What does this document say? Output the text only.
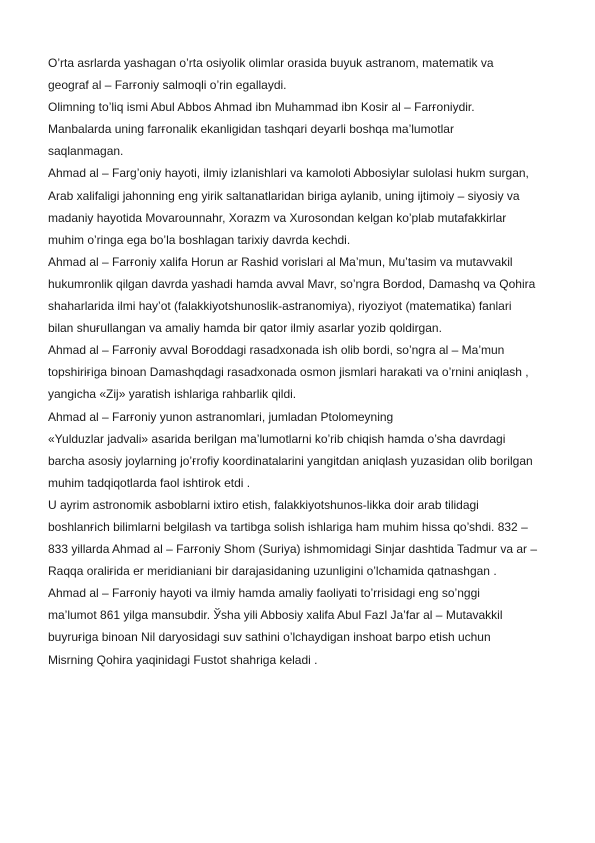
O’rta asrlarda yashagan o’rta osiyolik olimlar orasida buyuk astranom, matematik va
geograf al – Farғoniy salmoqli o’rin egallaydi.
Olimning to’liq ismi Abul Abbos Ahmad ibn Muhammad ibn Kosir al – Farғoniydir.
Manbalarda uning farғonalik ekanligidan tashqari deyarli boshqa ma’lumotlar
saqlanmagan.
Ahmad al – Farg’oniy hayoti, ilmiy izlanishlari va kamoloti Abbosiylar sulolasi hukm surgan,
Arab xalifaligi jahonning eng yirik saltanatlaridan biriga aylanib, uning ijtimoiy – siyosiy va
madaniy hayotida Movarounnahr, Xorazm va Xurosondan kelgan ko’plab mutafakkirlar
muhim o’ringa ega bo’la boshlagan tarixiy davrda kechdi.
Ahmad al – Farғoniy xalifa Horun ar Rashid vorislari al Ma’mun, Mu’tasim va mutavvakil
hukumronlik qilgan davrda yashadi hamda avval Mavr, so’ngra Boғdod, Damashq va Qohira
shaharlarida ilmi hay’ot (falakkiyotshunoslik-astranomiya), riyoziyot (matematika) fanlari
bilan shuғullangan va amaliy hamda bir qator ilmiy asarlar yozib qoldirgan.
Ahmad al – Farғoniy avval Boғoddagi rasadxonada ish olib bordi, so’ngra al – Ma’mun
topshiriғiga binoan Damashqdagi rasadxonada osmon jismlari harakati va o’rnini aniqlash ,
yangicha «Zij» yaratish ishlariga rahbarlik qildi.
Ahmad al – Farғoniy yunon astranomlari, jumladan Ptolomeyning
«Yulduzlar jadvali» asarida berilgan ma’lumotlarni ko’rib chiqish hamda o’sha davrdagi
barcha asosiy joylarning jo’ғrofiy koordinatalarini yangitdan aniqlash yuzasidan olib borilgan
muhim tadqiqotlarda faol ishtirok etdi .
U ayrim astronomik asboblarni ixtiro etish, falakkiyotshunos-likka doir arab tilidagi
boshlanғich bilimlarni belgilash va tartibga solish ishlariga ham muhim hissa qo’shdi. 832 –
833 yillarda Ahmad al – Farғoniy Shom (Suriya) ishmomidagi Sinjar dashtida Tadmur va ar –
Raqqa oraliғida er meridianiani bir darajasidaning uzunligini o’lchamida qatnashgan .
Ahmad al – Farғoniy hayoti va ilmiy hamda amaliy faoliyati to’rrisidagi eng so’nggi
ma’lumot 861 yilga mansubdir. Ўsha yili Abbosiy xalifa Abul Fazl Ja’far al – Mutavakkil
buyruғiga binoan Nil daryosidagi suv sathini o’lchaydigan inshoat barpo etish uchun
Misrning Qohira yaqinidagi Fustot shahriga keladi .
